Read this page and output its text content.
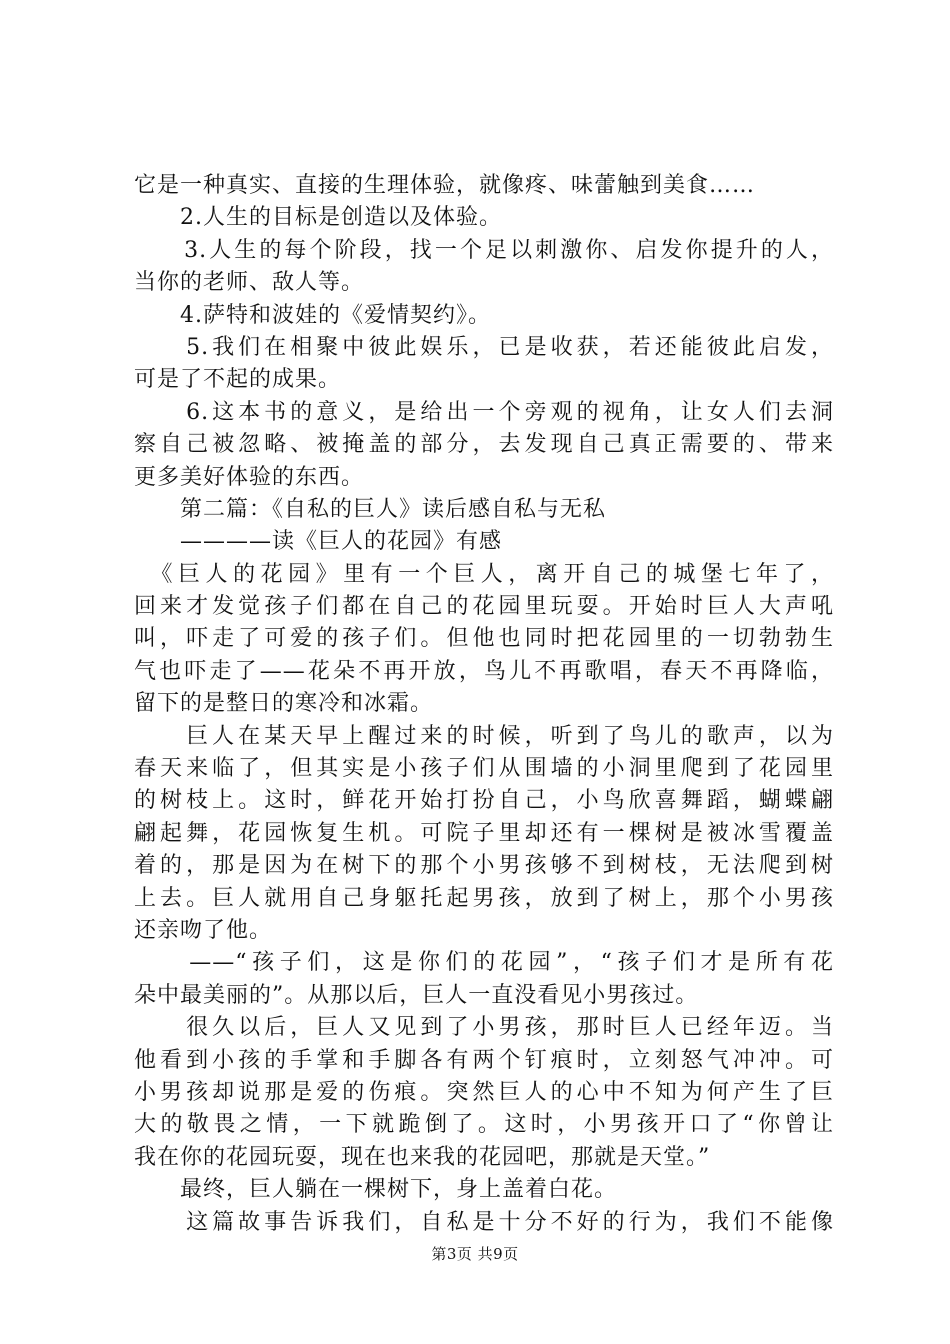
它是一种真实、直接的生理体验，就像疼、味蕾触到美食……
　　2.人生的目标是创造以及体验。
　　3.人生的每个阶段，找一个足以刺激你、启发你提升的人，
当你的老师、敌人等。
　　4.萨特和波娃的《爱情契约》。
　　5.我们在相聚中彼此娱乐，已是收获，若还能彼此启发，
可是了不起的成果。
　　6.这本书的意义，是给出一个旁观的视角，让女人们去洞
察自己被忽略、被掩盖的部分，去发现自己真正需要的、带来
更多美好体验的东西。
　　第二篇：《自私的巨人》读后感自私与无私
　　————读《巨人的花园》有感
　《巨人的花园》里有一个巨人，离开自己的城堡七年了，
回来才发觉孩子们都在自己的花园里玩耍。开始时巨人大声吼
叫，吓走了可爱的孩子们。但他也同时把花园里的一切勃勃生
气也吓走了——花朵不再开放，鸟儿不再歌唱，春天不再降临，
留下的是整日的寒冷和冰霜。
　　巨人在某天早上醒过来的时候，听到了鸟儿的歌声，以为
春天来临了，但其实是小孩子们从围墙的小洞里爬到了花园里
的树枝上。这时，鲜花开始打扮自己，小鸟欣喜舞蹈，蝴蝶翩
翩起舞，花园恢复生机。可院子里却还有一棵树是被冰雪覆盖
着的，那是因为在树下的那个小男孩够不到树枝，无法爬到树
上去。巨人就用自己身躯托起男孩，放到了树上，那个小男孩
还亲吻了他。
　　——“孩子们，这是你们的花园”，“孩子们才是所有花
朵中最美丽的”。从那以后，巨人一直没看见小男孩过。
　　很久以后，巨人又见到了小男孩，那时巨人已经年迈。当
他看到小孩的手掌和手脚各有两个钉痕时，立刻怒气冲冲。可
小男孩却说那是爱的伤痕。突然巨人的心中不知为何产生了巨
大的敬畏之情，一下就跪倒了。这时，小男孩开口了“你曾让
我在你的花园玩耍，现在也来我的花园吧，那就是天堂。”
　　最终，巨人躺在一棵树下，身上盖着白花。
　　这篇故事告诉我们，自私是十分不好的行为，我们不能像
第3页 共9页
